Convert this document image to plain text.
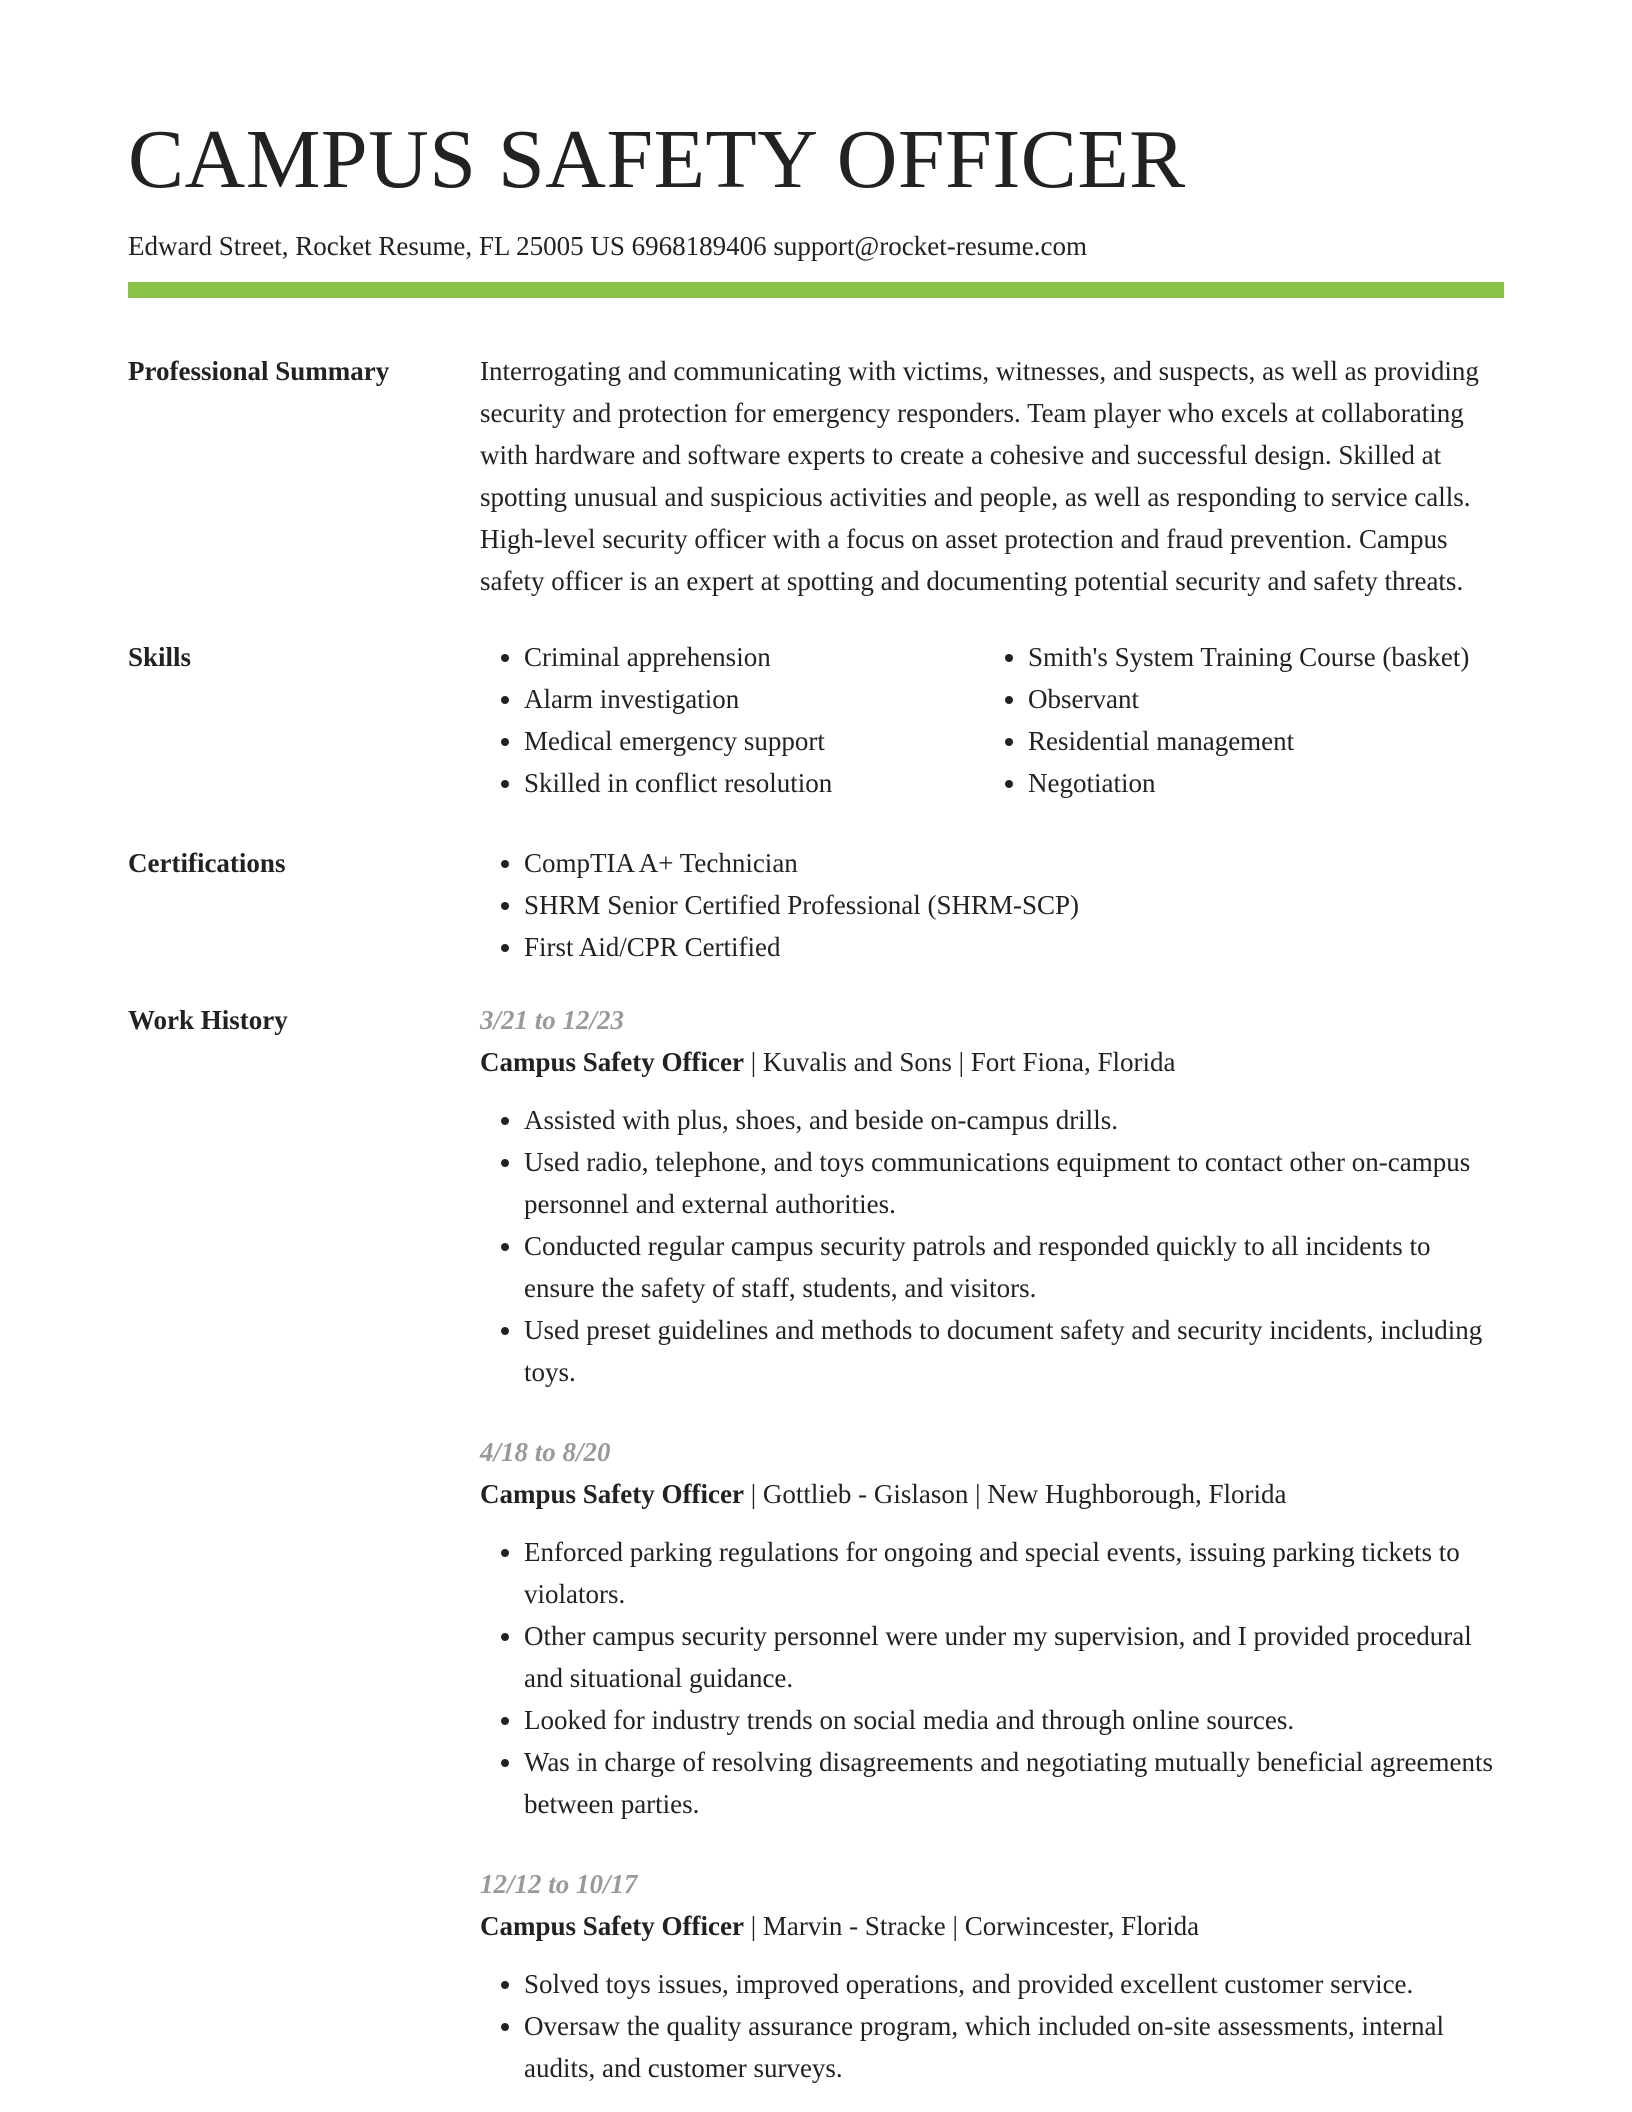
CAMPUS SAFETY OFFICER
Edward Street, Rocket Resume, FL 25005 US 6968189406 support@rocket-resume.com
Professional Summary	Interrogating and communicating with victims, witnesses, and suspects, as well as providing security and protection for emergency responders. Team player who excels at collaborating with hardware and software experts to create a cohesive and successful design. Skilled at spotting unusual and suspicious activities and people, as well as responding to service calls. High-level security officer with a focus on asset protection and fraud prevention. Campus safety officer is an expert at spotting and documenting potential security and safety threats.

Skills	• Criminal apprehension
• Alarm investigation
• Medical emergency support
• Skilled in conflict resolution
• Smith's System Training Course (basket)
• Observant
• Residential management
• Negotiation
Certifications	• CompTIA A+ Technician
• SHRM Senior Certified Professional (SHRM-SCP)
• First Aid/CPR Certified
Work History	3/21 to 12/23
Campus Safety Officer | Kuvalis and Sons | Fort Fiona, Florida
• Assisted with plus, shoes, and beside on-campus drills.
• Used radio, telephone, and toys communications equipment to contact other on-campus personnel and external authorities.
• Conducted regular campus security patrols and responded quickly to all incidents to ensure the safety of staff, students, and visitors.
• Used preset guidelines and methods to document safety and security incidents, including toys.
4/18 to 8/20
Campus Safety Officer | Gottlieb - Gislason | New Hughborough, Florida
• Enforced parking regulations for ongoing and special events, issuing parking tickets to violators.
• Other campus security personnel were under my supervision, and I provided procedural and situational guidance.
• Looked for industry trends on social media and through online sources.
• Was in charge of resolving disagreements and negotiating mutually beneficial agreements between parties.
12/12 to 10/17
Campus Safety Officer | Marvin - Stracke | Corwincester, Florida
• Solved toys issues, improved operations, and provided excellent customer service.
• Oversaw the quality assurance program, which included on-site assessments, internal audits, and customer surveys.
